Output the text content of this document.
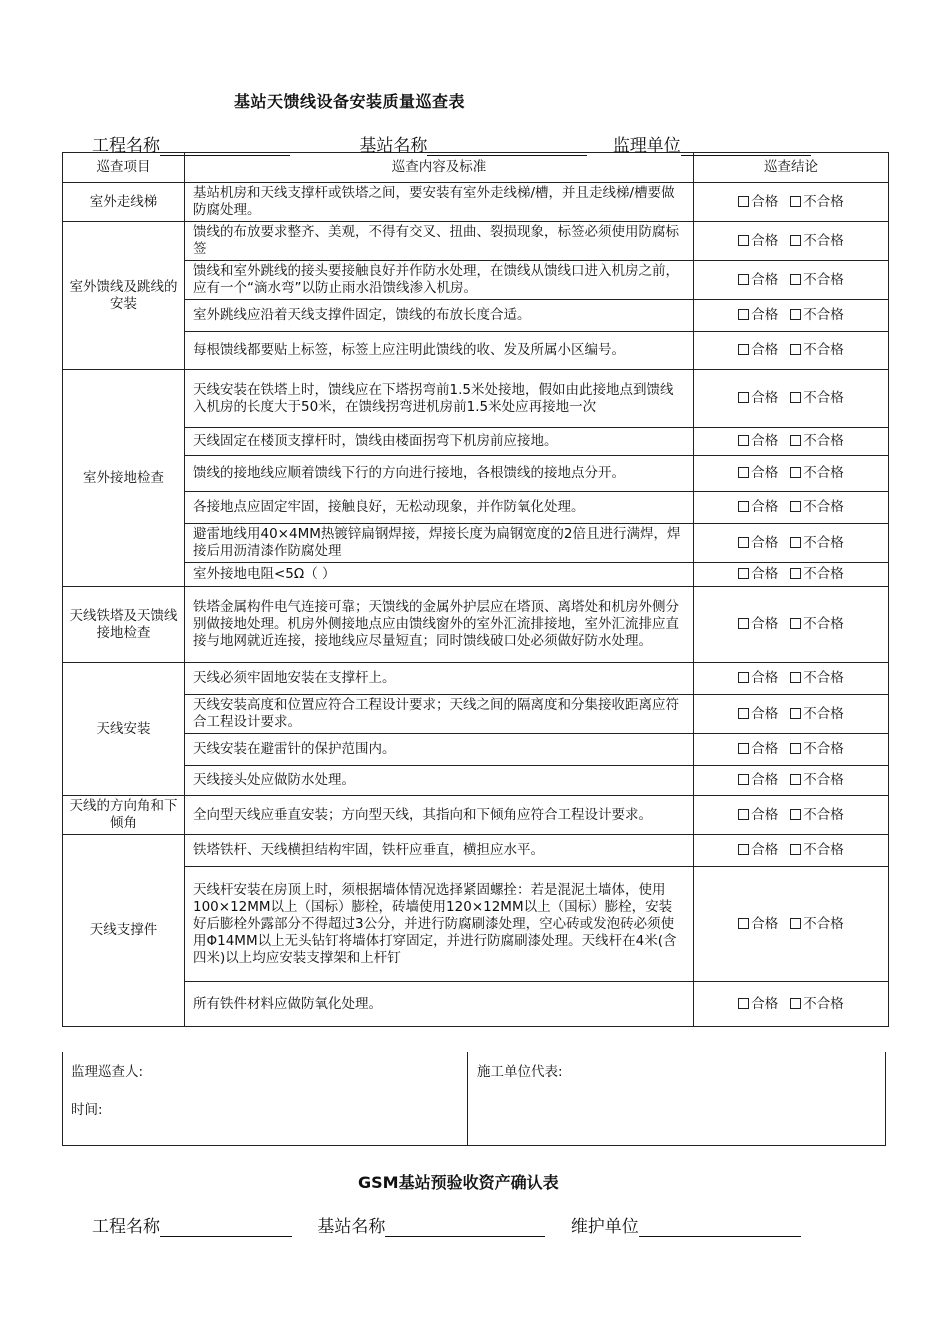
基站天馈线设备安装质量巡查表
工程名称	基站名称	监理单位
巡查项目	巡查内容及标准	巡查结论
室外走线梯	基站机房和天线支撑杆或铁塔之间，要安装有室外走线梯/槽，并且走线梯/槽要做防腐处理。	合格 不合格
室外馈线及跳线的安装	馈线的布放要求整齐、美观，不得有交叉、扭曲、裂损现象，标签必须使用防腐标签	合格 不合格
	馈线和室外跳线的接头要接触良好并作防水处理，在馈线从馈线口进入机房之前，应有一个“滴水弯”以防止雨水沿馈线渗入机房。	合格 不合格
	室外跳线应沿着天线支撑件固定，馈线的布放长度合适。	合格 不合格
	每根馈线都要贴上标签，标签上应注明此馈线的收、发及所属小区编号。	合格 不合格
室外接地检查	天线安装在铁塔上时，馈线应在下塔拐弯前1.5米处接地，假如由此接地点到馈线入机房的长度大于50米，在馈线拐弯进机房前1.5米处应再接地一次	合格 不合格
	天线固定在楼顶支撑杆时，馈线由楼面拐弯下机房前应接地。	合格 不合格
	馈线的接地线应顺着馈线下行的方向进行接地，各根馈线的接地点分开。	合格 不合格
	各接地点应固定牢固，接触良好，无松动现象，并作防氧化处理。	合格 不合格
	避雷地线用40×4MM热镀锌扁钢焊接，焊接长度为扁钢宽度的2倍且进行满焊，焊接后用沥清漆作防腐处理	合格 不合格
	室外接地电阻<5Ω（ ）	合格 不合格
天线铁塔及天馈线接地检查	铁塔金属构件电气连接可靠；天馈线的金属外护层应在塔顶、离塔处和机房外侧分别做接地处理。机房外侧接地点应由馈线窗外的室外汇流排接地，室外汇流排应直接与地网就近连接，接地线应尽量短直；同时馈线破口处必须做好防水处理。	合格 不合格
天线安装	天线必须牢固地安装在支撑杆上。	合格 不合格
	天线安装高度和位置应符合工程设计要求；天线之间的隔离度和分集接收距离应符合工程设计要求。	合格 不合格
	天线安装在避雷针的保护范围内。	合格 不合格
	天线接头处应做防水处理。	合格 不合格
天线的方向角和下倾角	全向型天线应垂直安装；方向型天线，其指向和下倾角应符合工程设计要求。	合格 不合格
天线支撑件	铁塔铁杆、天线横担结构牢固，铁杆应垂直，横担应水平。	合格 不合格
	天线杆安装在房顶上时，须根据墙体情况选择紧固螺拴：若是混泥土墙体，使用100×12MM以上（国标）膨栓，砖墙使用120×12MM以上（国标）膨栓，安装好后膨栓外露部分不得超过3公分，并进行防腐刷漆处理，空心砖或发泡砖必须使用Φ14MM以上无头钻钉将墙体打穿固定，并进行防腐刷漆处理。天线杆在4米(含四米)以上均应安装支撑架和上杆钉	合格 不合格
	所有铁件材料应做防氧化处理。	合格 不合格
监理巡查人:
时间:
施工单位代表:
GSM基站预验收资产确认表
工程名称	基站名称	维护单位
